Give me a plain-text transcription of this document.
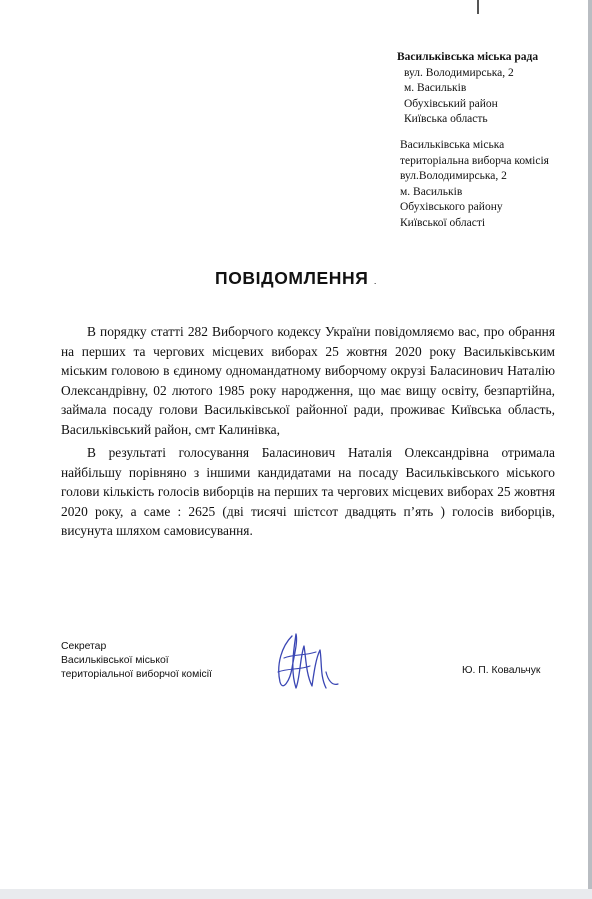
Васильківська міська рада
вул. Володимирська, 2
м. Васильків
Обухівський район
Київська область
Васильківська міська
територіальна виборча комісія
вул.Володимирська, 2
м. Васильків
Обухівського району
Київської області
ПОВІДОМЛЕННЯ .

В порядку статті 282 Виборчого кодексу України повідомляємо вас, про обрання на перших та чергових місцевих виборах 25 жовтня 2020 року Васильківським міським головою в єдиному одномандатному виборчому окрузі Баласинович Наталію Олександрівну, 02 лютого 1985 року народження, що має вищу освіту, безпартійна, займала посаду голови Васильківської районної ради, проживає Київська область, Васильківський район, смт Калинівка,

В результаті голосування Баласинович Наталія Олександрівна отримала найбільшу порівняно з іншими кандидатами на посаду Васильківського міського голови кількість голосів виборців на перших та чергових місцевих виборах 25 жовтня 2020 року, а саме : 2625 (дві тисячі шістсот двадцять п’ять ) голосів виборців, висунута шляхом самовисування.

Секретар
Васильківської міської
територіальної виборчої комісії	Ю. П. Ковальчук
